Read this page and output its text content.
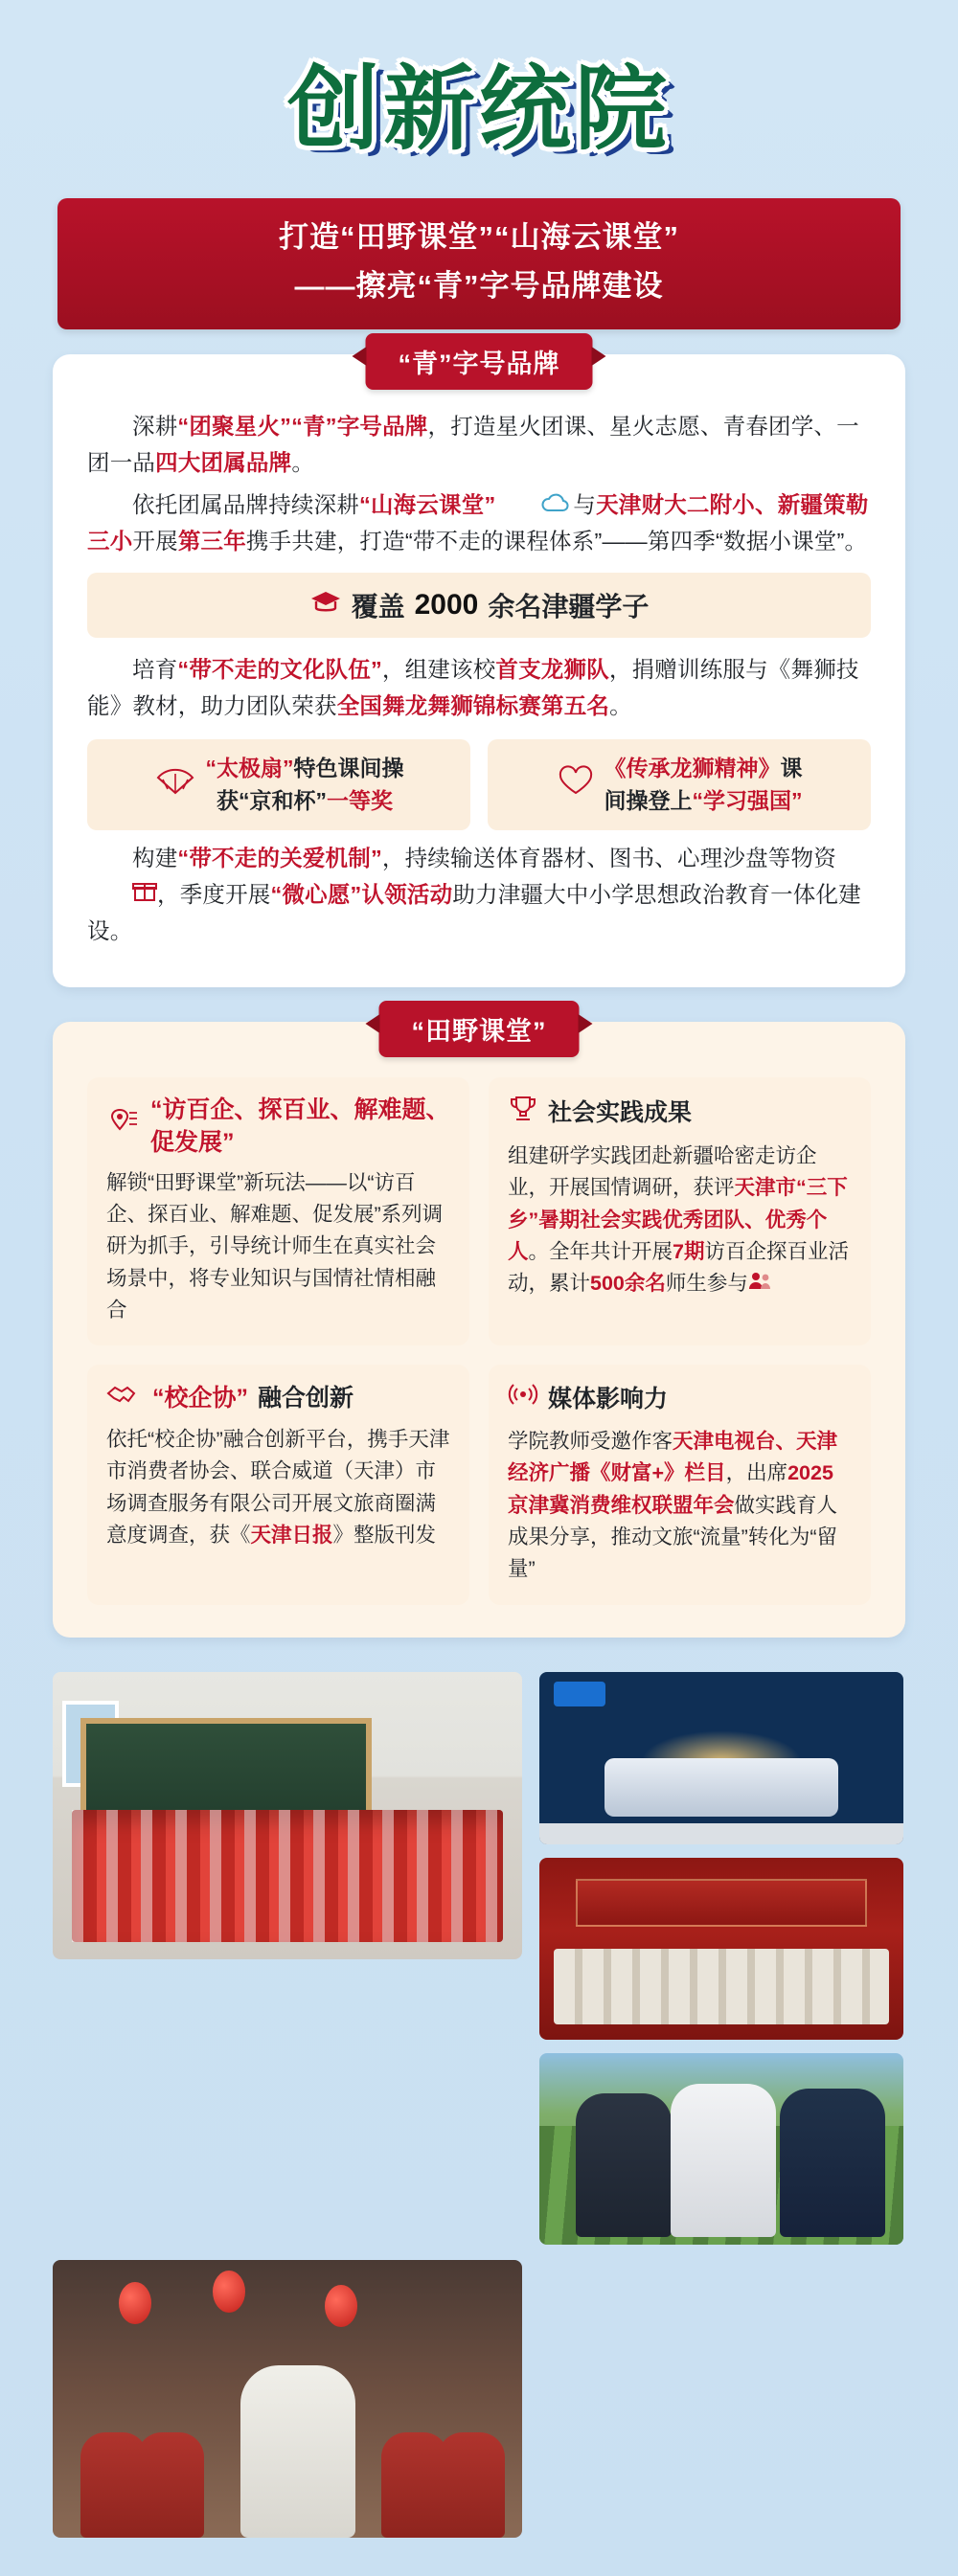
创新统院
打造“田野课堂”“山海云课堂”
——擦亮“青”字号品牌建设
“青”字号品牌

深耕“团聚星火”“青”字号品牌，打造星火团课、星火志愿、青春团学、一团一品四大团属品牌。

依托团属品牌持续深耕“山海云课堂”	与天津财大二附小、新疆策勒三小开展第三年携手共建，打造“带不走的课程体系”——第四季“数据小课堂”。

覆盖 2000 余名津疆学子

培育“带不走的文化队伍”，组建该校首支龙狮队，捐赠训练服与《舞狮技能》教材，助力团队荣获全国舞龙舞狮锦标赛第五名。

“太极扇”特色课间操
获“京和杯”一等奖
《传承龙狮精神》课
间操登上“学习强国”

构建“带不走的关爱机制”，持续输送体育器材、图书、心理沙盘等物资，季度开展“微心愿”认领活动助力津疆大中小学思想政治教育一体化建设。

“田野课堂”
“访百企、探百业、解难题、促发展”
解锁“田野课堂”新玩法——以“访百企、探百业、解难题、促发展”系列调研为抓手，引导统计师生在真实社会场景中，将专业知识与国情社情相融合
社会实践成果
组建研学实践团赴新疆哈密走访企业，开展国情调研，获评天津市“三下乡”暑期社会实践优秀团队、优秀个人。全年共计开展7期访百企探百业活动，累计500余名师生参与
“校企协” 融合创新
依托“校企协”融合创新平台，携手天津市消费者协会、联合威道（天津）市场调查服务有限公司开展文旅商圈满意度调查，获《天津日报》整版刊发
媒体影响力
学院教师受邀作客天津电视台、天津经济广播《财富+》栏目，出席2025京津冀消费维权联盟年会做实践育人成果分享，推动文旅“流量”转化为“留量”
